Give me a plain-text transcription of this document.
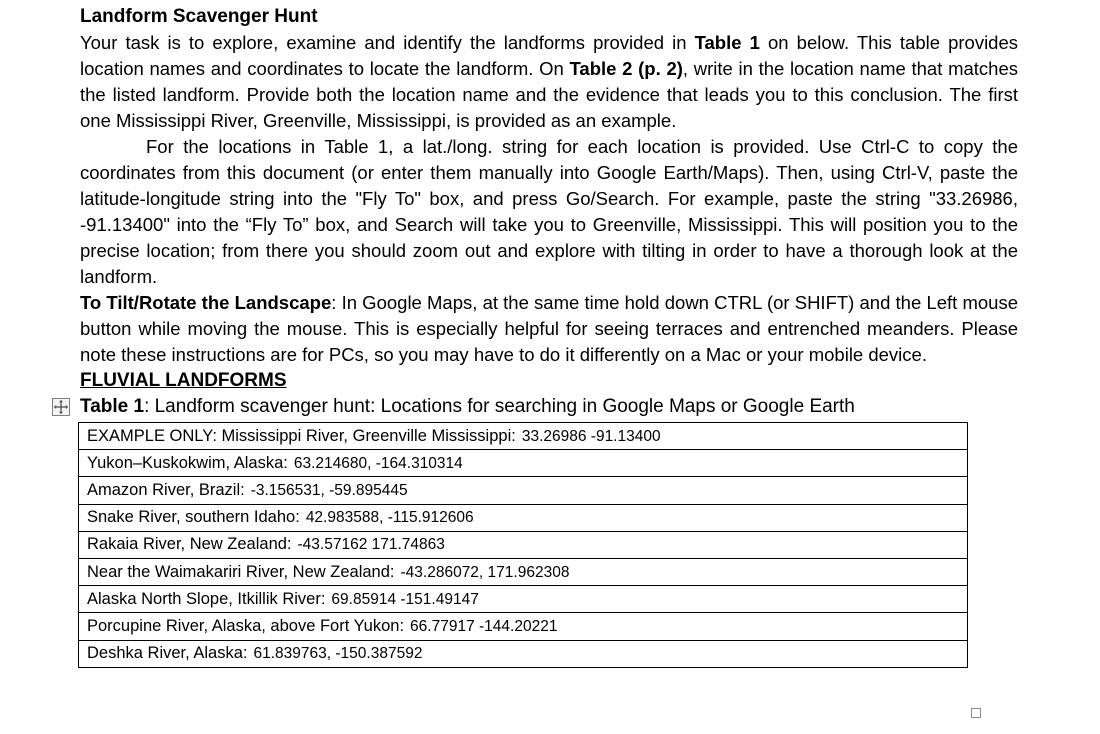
Landform Scavenger Hunt

Your task is to explore, examine and identify the landforms provided in Table 1 on below. This table provides location names and coordinates to locate the landform. On Table 2 (p. 2), write in the location name that matches the listed landform. Provide both the location name and the evidence that leads you to this conclusion. The first one Mississippi River, Greenville, Mississippi, is provided as an example.

For the locations in Table 1, a lat./long. string for each location is provided. Use Ctrl-C to copy the coordinates from this document (or enter them manually into Google Earth/Maps). Then, using Ctrl-V, paste the latitude-longitude string into the "Fly To" box, and press Go/Search. For example, paste the string "33.26986, -91.13400" into the “Fly To” box, and Search will take you to Greenville, Mississippi. This will position you to the precise location; from there you should zoom out and explore with tilting in order to have a thorough look at the landform.

To Tilt/Rotate the Landscape: In Google Maps, at the same time hold down CTRL (or SHIFT) and the Left mouse button while moving the mouse. This is especially helpful for seeing terraces and entrenched meanders. Please note these instructions are for PCs, so you may have to do it differently on a Mac or your mobile device.

FLUVIAL LANDFORMS

Table 1: Landform scavenger hunt: Locations for searching in Google Maps or Google Earth
EXAMPLE ONLY: Mississippi River, Greenville Mississippi: 33.26986 -91.13400
Yukon–Kuskokwim, Alaska: 63.214680, -164.310314
Amazon River, Brazil: -3.156531, -59.895445
Snake River, southern Idaho: 42.983588, -115.912606
Rakaia River, New Zealand: -43.57162 171.74863
Near the Waimakariri River, New Zealand: -43.286072, 171.962308
Alaska North Slope, Itkillik River: 69.85914 -151.49147
Porcupine River, Alaska, above Fort Yukon: 66.77917 -144.20221
Deshka River, Alaska: 61.839763, -150.387592
